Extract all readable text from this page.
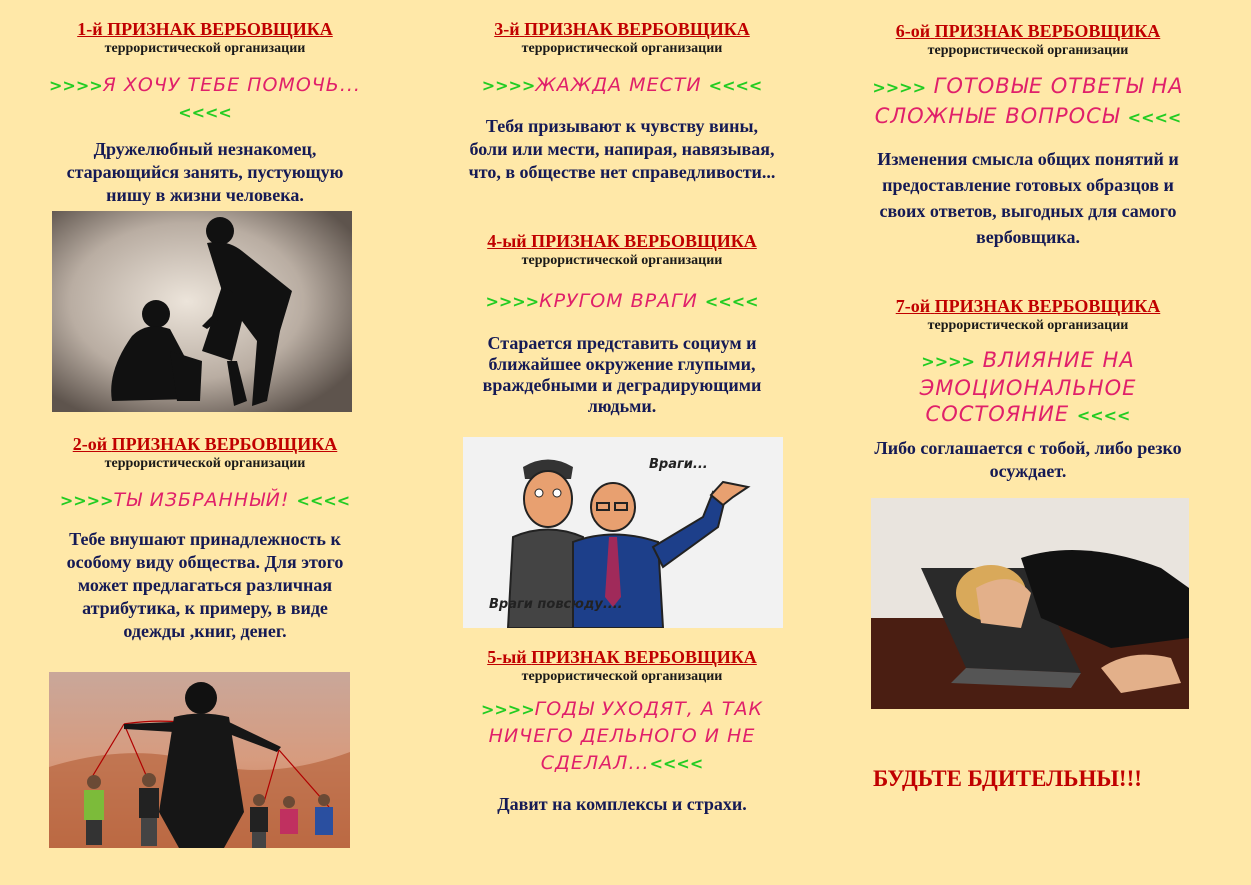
1-й ПРИЗНАК ВЕРБОВЩИКА
террористической организации
>>>>Я ХОЧУ ТЕБЕ ПОМОЧЬ...<<<<
Дружелюбный незнакомец,
старающийся занять, пустующую
нишу в жизни человека.
2-ой ПРИЗНАК ВЕРБОВЩИКА
террористической организации
>>>>ТЫ ИЗБРАННЫЙ! <<<<
Тебе внушают принадлежность к
особому виду общества. Для этого
может предлагаться различная
атрибутика, к примеру, в виде
одежды ,книг, денег.
3-й ПРИЗНАК ВЕРБОВЩИКА
террористической организации
>>>>ЖАЖДА МЕСТИ <<<<
Тебя призывают к чувству вины,
боли или мести, напирая, навязывая,
что, в обществе нет справедливости...
4-ый ПРИЗНАК ВЕРБОВЩИКА
террористической организации
>>>>КРУГОМ ВРАГИ <<<<
Старается представить социум и
ближайшее окружение глупыми,
враждебными и деградирующими
людьми.
Враги...
Враги повсюду....
5-ый ПРИЗНАК ВЕРБОВЩИКА
террористической организации
>>>>ГОДЫ УХОДЯТ, А ТАК
НИЧЕГО ДЕЛЬНОГО И НЕ
СДЕЛАЛ...<<<<
Давит на комплексы и страхи.
6-ой ПРИЗНАК ВЕРБОВЩИКА
террористической организации
>>>> ГОТОВЫЕ ОТВЕТЫ НА
СЛОЖНЫЕ ВОПРОСЫ <<<<
Изменения смысла общих понятий и
предоставление готовых образцов и
своих ответов, выгодных для самого
вербовщика.
7-ой ПРИЗНАК ВЕРБОВЩИКА
террористической организации
>>>> ВЛИЯНИЕ НА
ЭМОЦИОНАЛЬНОЕ
СОСТОЯНИЕ <<<<
Либо соглашается с тобой, либо резко
осуждает.
БУДЬТЕ БДИТЕЛЬНЫ!!!
